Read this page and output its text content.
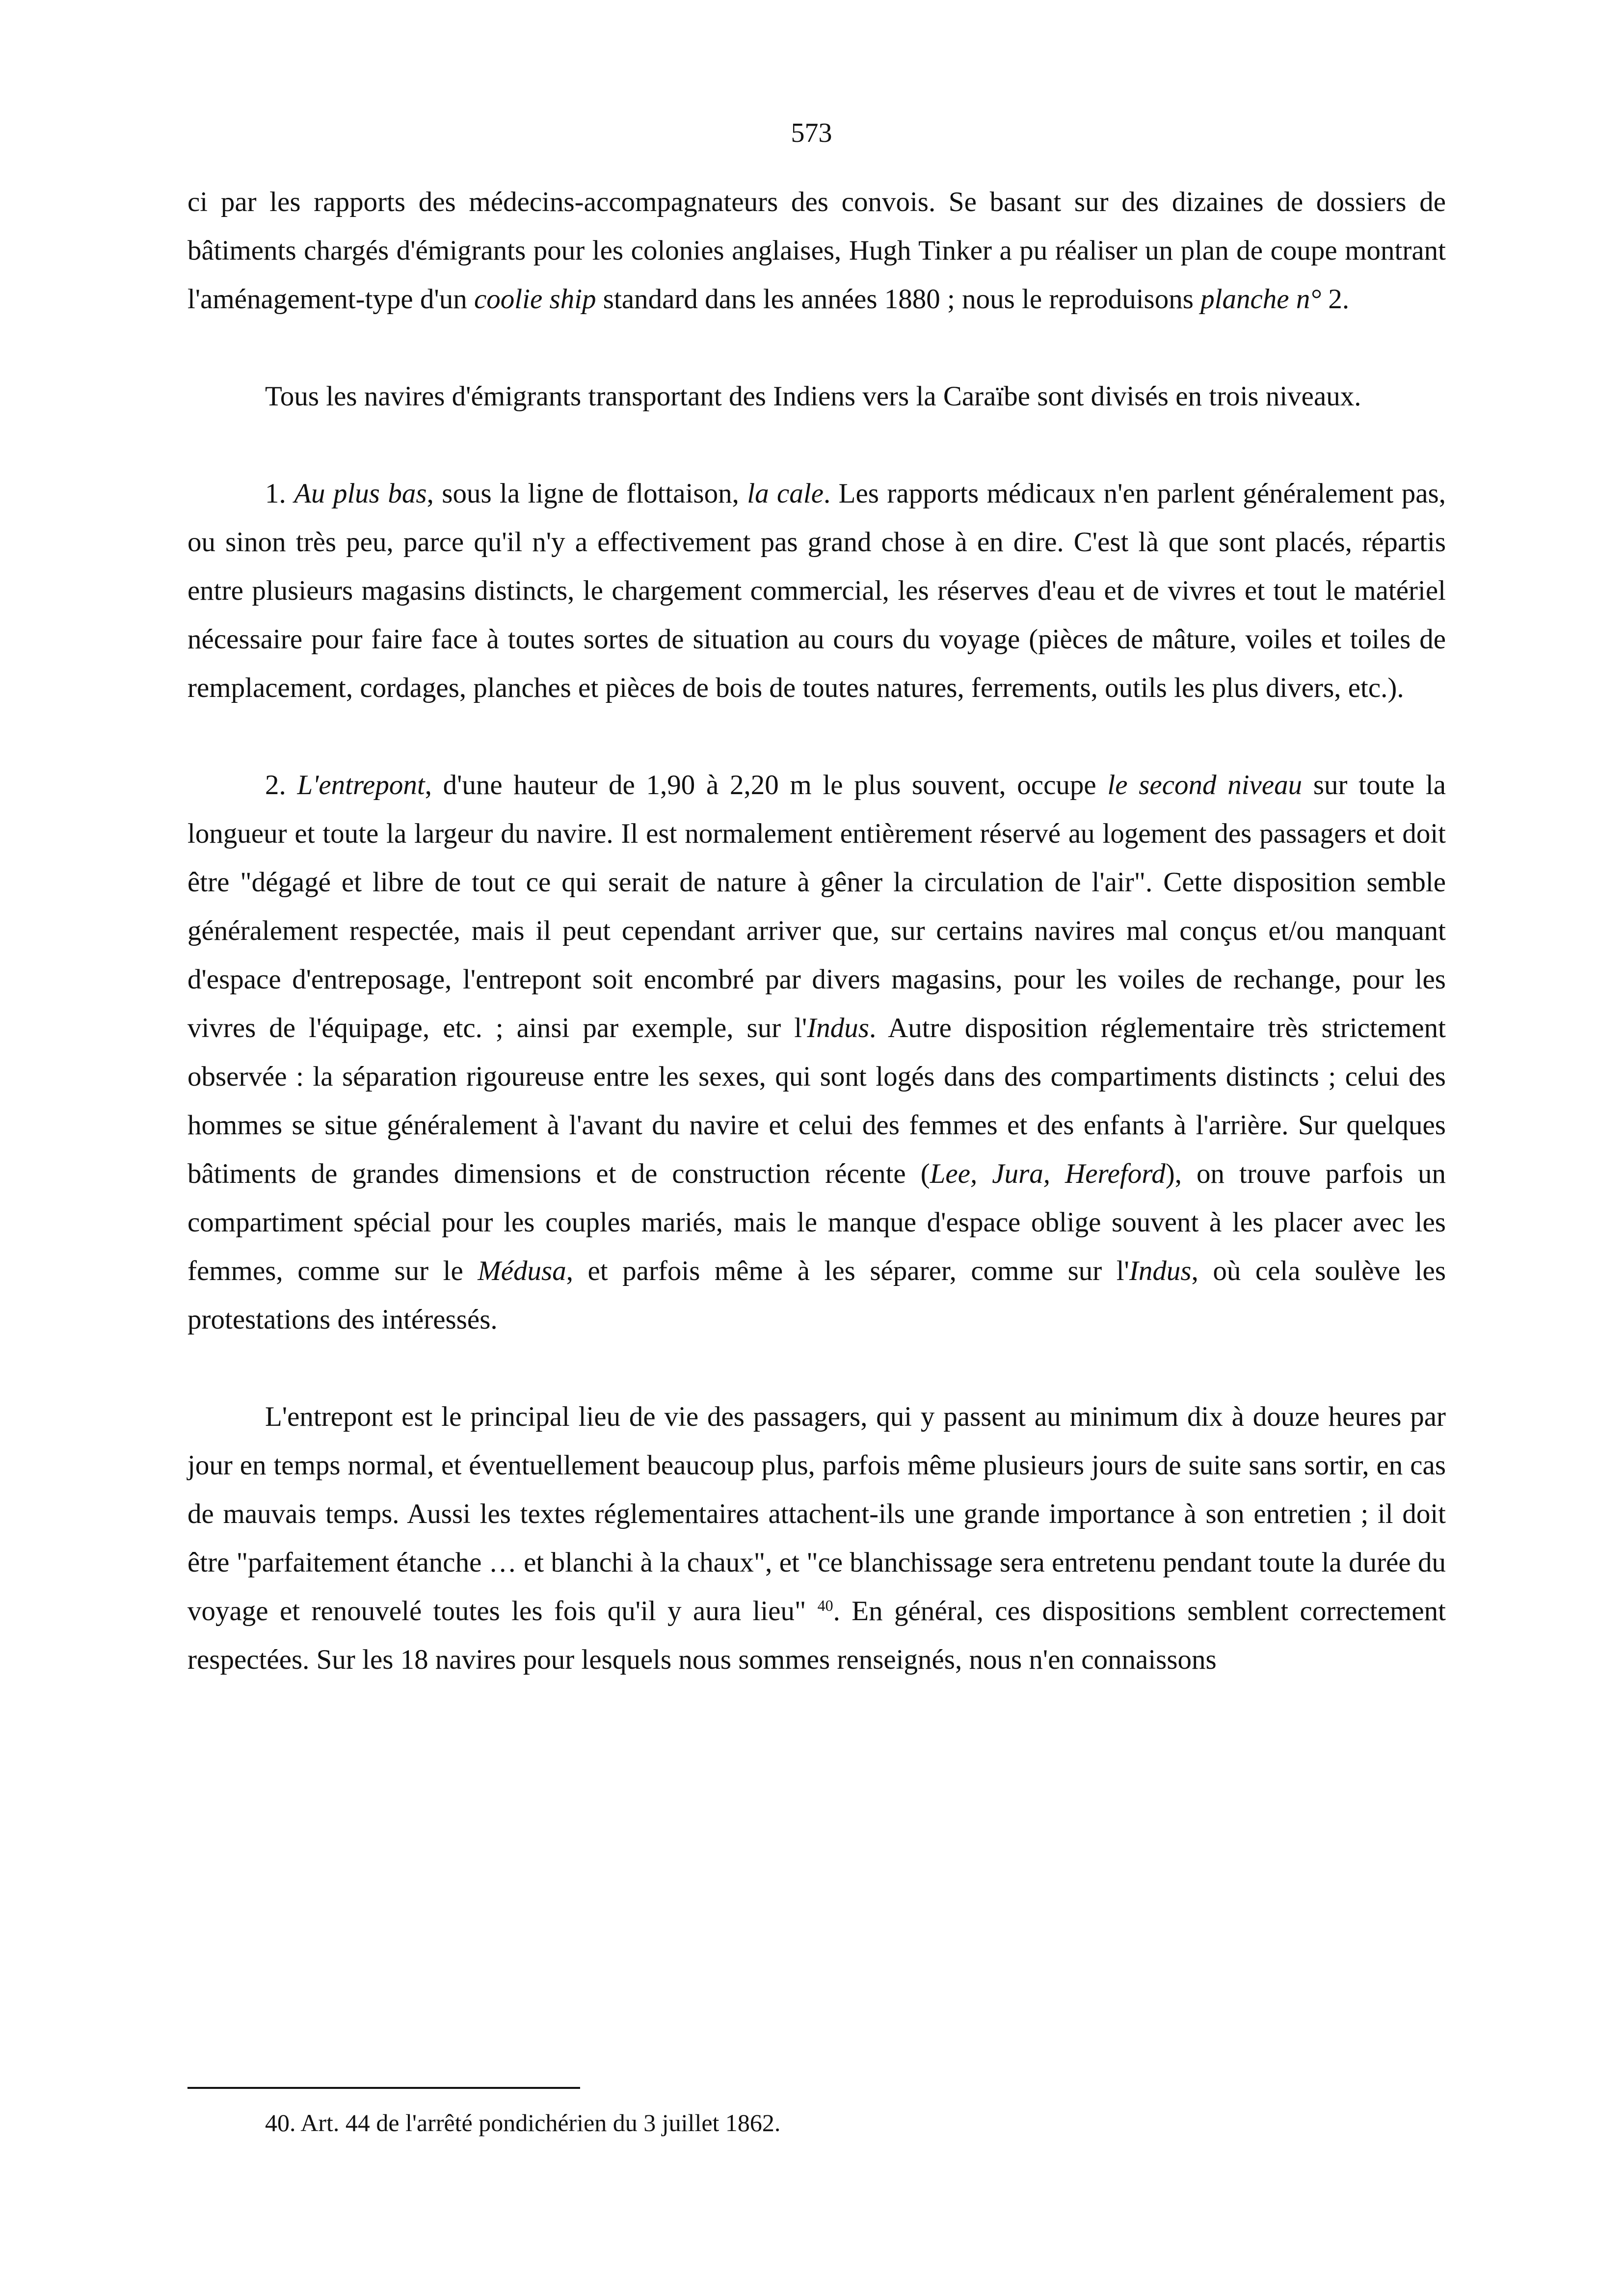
573

ci par les rapports des médecins-accompagnateurs des convois. Se basant sur des dizaines de dossiers de bâtiments chargés d'émigrants pour les colonies anglaises, Hugh Tinker a pu réaliser un plan de coupe montrant l'aménagement-type d'un coolie ship standard dans les années 1880 ; nous le reproduisons planche n° 2.

Tous les navires d'émigrants transportant des Indiens vers la Caraïbe sont divisés en trois niveaux.

1. Au plus bas, sous la ligne de flottaison, la cale. Les rapports médicaux n'en parlent généralement pas, ou sinon très peu, parce qu'il n'y a effectivement pas grand chose à en dire. C'est là que sont placés, répartis entre plusieurs magasins distincts, le chargement commercial, les réserves d'eau et de vivres et tout le matériel nécessaire pour faire face à toutes sortes de situation au cours du voyage (pièces de mâture, voiles et toiles de remplacement, cordages, planches et pièces de bois de toutes natures, ferrements, outils les plus divers, etc.).

2. L'entrepont, d'une hauteur de 1,90 à 2,20 m le plus souvent, occupe le second niveau sur toute la longueur et toute la largeur du navire. Il est normalement entièrement réservé au logement des passagers et doit être "dégagé et libre de tout ce qui serait de nature à gêner la circulation de l'air". Cette disposition semble généralement respectée, mais il peut cependant arriver que, sur certains navires mal conçus et/ou manquant d'espace d'entreposage, l'entrepont soit encombré par divers magasins, pour les voiles de rechange, pour les vivres de l'équipage, etc. ; ainsi par exemple, sur l'Indus. Autre disposition réglementaire très strictement observée : la séparation rigoureuse entre les sexes, qui sont logés dans des compartiments distincts ; celui des hommes se situe généralement à l'avant du navire et celui des femmes et des enfants à l'arrière. Sur quelques bâtiments de grandes dimensions et de construction récente (Lee, Jura, Hereford), on trouve parfois un compartiment spécial pour les couples mariés, mais le manque d'espace oblige souvent à les placer avec les femmes, comme sur le Médusa, et parfois même à les séparer, comme sur l'Indus, où cela soulève les protestations des intéressés.

L'entrepont est le principal lieu de vie des passagers, qui y passent au minimum dix à douze heures par jour en temps normal, et éventuellement beaucoup plus, parfois même plusieurs jours de suite sans sortir, en cas de mauvais temps. Aussi les textes réglementaires attachent-ils une grande importance à son entretien ; il doit être "parfaitement étanche … et blanchi à la chaux", et "ce blanchissage sera entretenu pendant toute la durée du voyage et renouvelé toutes les fois qu'il y aura lieu" $^{40}$. En général, ces dispositions semblent correctement respectées. Sur les 18 navires pour lesquels nous sommes renseignés, nous n'en connaissons

40. Art. 44 de l'arrêté pondichérien du 3 juillet 1862.
